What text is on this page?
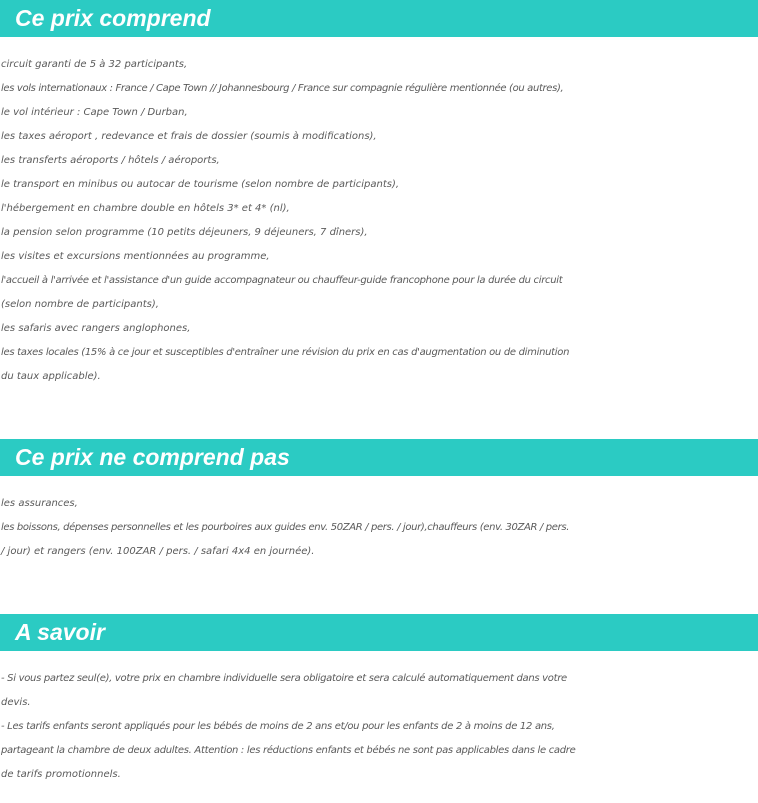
Ce prix comprend
circuit garanti de 5 à 32 participants,
les vols internationaux : France / Cape Town // Johannesbourg / France sur compagnie régulière mentionnée (ou autres),
le vol intérieur : Cape Town / Durban,
les taxes aéroport , redevance et frais de dossier (soumis à modifications),
les transferts aéroports / hôtels / aéroports,
le transport en minibus ou autocar de tourisme (selon nombre de participants),
l'hébergement en chambre double en hôtels 3* et 4* (nl),
la pension selon programme (10 petits déjeuners, 9 déjeuners, 7 dîners),
les visites et excursions mentionnées au programme,
l'accueil à l'arrivée et l'assistance d'un guide accompagnateur ou chauffeur-guide francophone pour la durée du circuit
(selon nombre de participants),
les safaris avec rangers anglophones,
les taxes locales (15% à ce jour et susceptibles d'entraîner une révision du prix en cas d'augmentation ou de diminution
du taux applicable).
Ce prix ne comprend pas
les assurances,
les boissons, dépenses personnelles et les pourboires aux guides env. 50ZAR / pers. / jour),chauffeurs (env. 30ZAR / pers.
/ jour) et rangers (env. 100ZAR / pers. / safari 4x4 en journée).
A savoir
- Si vous partez seul(e), votre prix en chambre individuelle sera obligatoire et sera calculé automatiquement dans votre
devis.
- Les tarifs enfants seront appliqués pour les bébés de moins de 2 ans et/ou pour les enfants de 2 à moins de 12 ans,
partageant la chambre de deux adultes. Attention : les réductions enfants et bébés ne sont pas applicables dans le cadre
de tarifs promotionnels.
